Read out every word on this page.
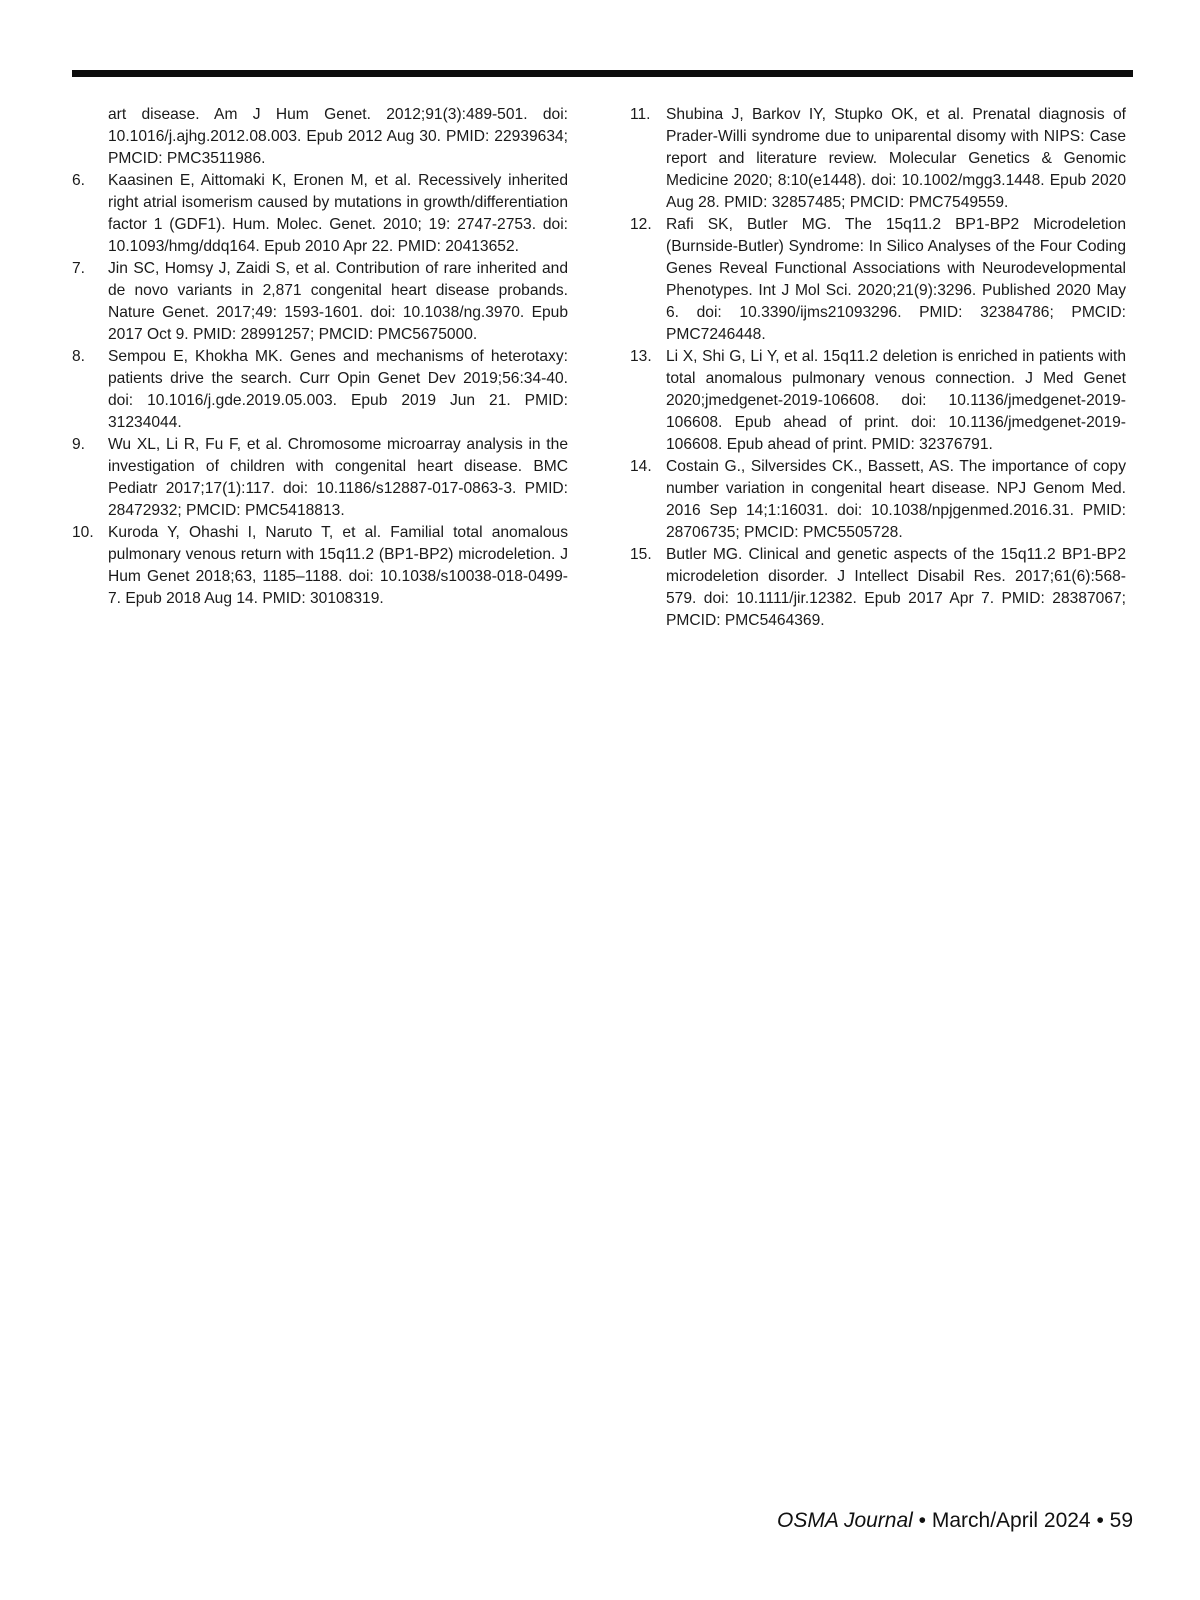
art disease. Am J Hum Genet. 2012;91(3):489-501. doi: 10.1016/j.ajhg.2012.08.003. Epub 2012 Aug 30. PMID: 22939634; PMCID: PMC3511986.

6. Kaasinen E, Aittomaki K, Eronen M, et al. Recessively inherited right atrial isomerism caused by mutations in growth/differentiation factor 1 (GDF1). Hum. Molec. Genet. 2010; 19: 2747-2753. doi: 10.1093/hmg/ddq164. Epub 2010 Apr 22. PMID: 20413652.

7. Jin SC, Homsy J, Zaidi S, et al. Contribution of rare inherited and de novo variants in 2,871 congenital heart disease probands. Nature Genet. 2017;49: 1593-1601. doi: 10.1038/ng.3970. Epub 2017 Oct 9. PMID: 28991257; PMCID: PMC5675000.

8. Sempou E, Khokha MK. Genes and mechanisms of heterotaxy: patients drive the search. Curr Opin Genet Dev 2019;56:34-40. doi: 10.1016/j.gde.2019.05.003. Epub 2019 Jun 21. PMID: 31234044.

9. Wu XL, Li R, Fu F, et al. Chromosome microarray analysis in the investigation of children with congenital heart disease. BMC Pediatr 2017;17(1):117. doi: 10.1186/s12887-017-0863-3. PMID: 28472932; PMCID: PMC5418813.

10. Kuroda Y, Ohashi I, Naruto T, et al. Familial total anomalous pulmonary venous return with 15q11.2 (BP1-BP2) microdeletion. J Hum Genet 2018;63, 1185–1188. doi: 10.1038/s10038-018-0499-7. Epub 2018 Aug 14. PMID: 30108319.

11. Shubina J, Barkov IY, Stupko OK, et al. Prenatal diagnosis of Prader-Willi syndrome due to uniparental disomy with NIPS: Case report and literature review. Molecular Genetics & Genomic Medicine 2020; 8:10(e1448). doi: 10.1002/mgg3.1448. Epub 2020 Aug 28. PMID: 32857485; PMCID: PMC7549559.

12. Rafi SK, Butler MG. The 15q11.2 BP1-BP2 Microdeletion (Burnside-Butler) Syndrome: In Silico Analyses of the Four Coding Genes Reveal Functional Associations with Neurodevelopmental Phenotypes. Int J Mol Sci. 2020;21(9):3296. Published 2020 May 6. doi: 10.3390/ijms21093296. PMID: 32384786; PMCID: PMC7246448.

13. Li X, Shi G, Li Y, et al. 15q11.2 deletion is enriched in patients with total anomalous pulmonary venous connection. J Med Genet 2020;jmedgenet-2019-106608. doi: 10.1136/jmedgenet-2019-106608. Epub ahead of print. doi: 10.1136/jmedgenet-2019-106608. Epub ahead of print. PMID: 32376791.

14. Costain G., Silversides CK., Bassett, AS. The importance of copy number variation in congenital heart disease. NPJ Genom Med. 2016 Sep 14;1:16031. doi: 10.1038/npjgenmed.2016.31. PMID: 28706735; PMCID: PMC5505728.

15. Butler MG. Clinical and genetic aspects of the 15q11.2 BP1-BP2 microdeletion disorder. J Intellect Disabil Res. 2017;61(6):568-579. doi: 10.1111/jir.12382. Epub 2017 Apr 7. PMID: 28387067; PMCID: PMC5464369.

OSMA Journal • March/April 2024 • 59
